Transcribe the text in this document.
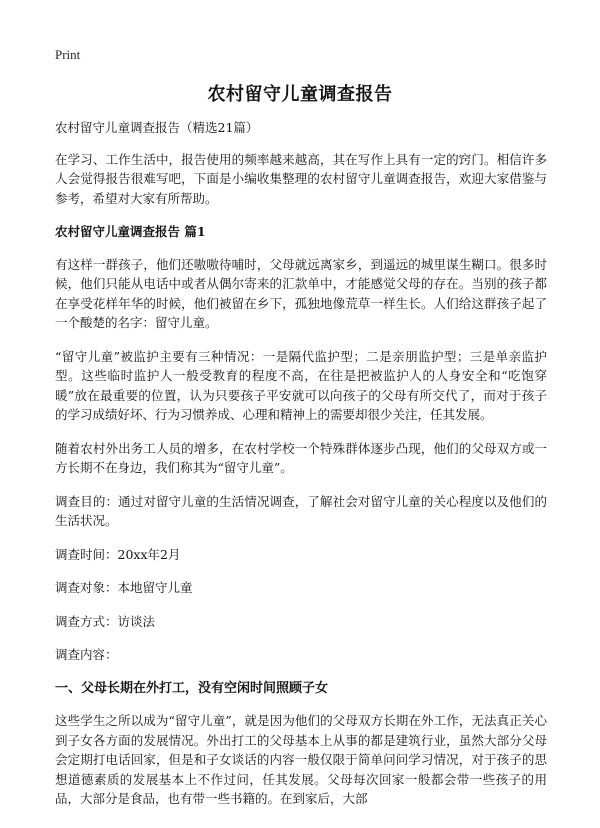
Print
农村留守儿童调查报告

农村留守儿童调查报告（精选21篇）

在学习、工作生活中，报告使用的频率越来越高，其在写作上具有一定的窍门。相信许多人会觉得报告很难写吧，下面是小编收集整理的农村留守儿童调查报告，欢迎大家借鉴与参考，希望对大家有所帮助。

农村留守儿童调查报告 篇1

有这样一群孩子，他们还嗷嗷待哺时，父母就远离家乡，到遥远的城里谋生糊口。很多时候，他们只能从电话中或者从偶尔寄来的汇款单中，才能感觉父母的存在。当别的孩子都在享受花样年华的时候，他们被留在乡下，孤独地像荒草一样生长。人们给这群孩子起了一个酸楚的名字：留守儿童。

“留守儿童”被监护主要有三种情况：一是隔代监护型；二是亲朋监护型；三是单亲监护型。这些临时监护人一般受教育的程度不高，在往是把被监护人的人身安全和“吃饱穿暖”放在最重要的位置，认为只要孩子平安就可以向孩子的父母有所交代了，而对于孩子的学习成绩好坏、行为习惯养成、心理和精神上的需要却很少关注，任其发展。

随着农村外出务工人员的增多，在农村学校一个特殊群体逐步凸现，他们的父母双方或一方长期不在身边，我们称其为“留守儿童”。

调查目的：通过对留守儿童的生活情况调查，了解社会对留守儿童的关心程度以及他们的生活状况。

调查时间：20xx年2月

调查对象：本地留守儿童

调查方式：访谈法

调查内容：

一、父母长期在外打工，没有空闲时间照顾子女

这些学生之所以成为“留守儿童”，就是因为他们的父母双方长期在外工作，无法真正关心到子女各方面的发展情况。外出打工的父母基本上从事的都是建筑行业，虽然大部分父母会定期打电话回家，但是和子女谈话的内容一般仅限于简单问问学习情况，对于孩子的思想道德素质的发展基本上不作过问，任其发展。父母每次回家一般都会带一些孩子的用品，大部分是食品，也有带一些书籍的。在到家后，大部
